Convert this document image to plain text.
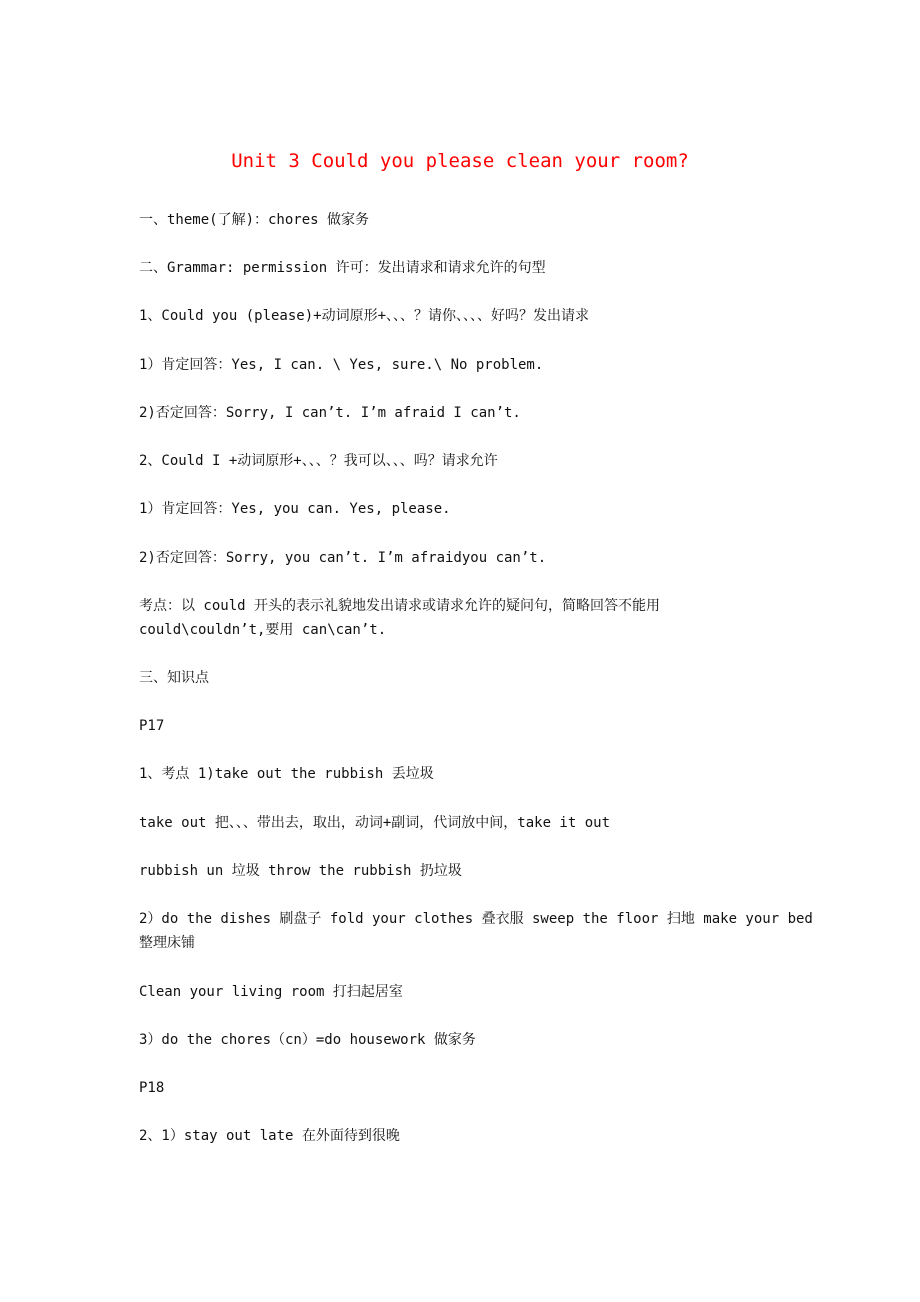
Unit 3 Could you please clean your room?

一、theme(了解)：chores 做家务

二、Grammar: permission 许可：发出请求和请求允许的句型

1、Could you (please)+动词原形+、、、？请你、、、、好吗？发出请求

1）肯定回答：Yes, I can. \ Yes, sure.\ No problem.

2)否定回答：Sorry, I can’t. I’m afraid I can’t.

2、Could I +动词原形+、、、？我可以、、、吗？请求允许

1）肯定回答：Yes, you can. Yes, please.

2)否定回答：Sorry, you can’t. I’m afraidyou can’t.

考点：以 could 开头的表示礼貌地发出请求或请求允许的疑问句，简略回答不能用

could\couldn’t,要用 can\can’t.

三、知识点

P17

1、考点 1)take out the rubbish 丢垃圾

take out 把、、、带出去，取出，动词+副词，代词放中间，take it out

rubbish un 垃圾 throw the rubbish 扔垃圾

2）do the dishes 刷盘子 fold your clothes 叠衣服 sweep the floor 扫地 make your bed

整理床铺

Clean your living room 打扫起居室

3）do the chores（cn）=do housework 做家务

P18

2、1）stay out late 在外面待到很晚
